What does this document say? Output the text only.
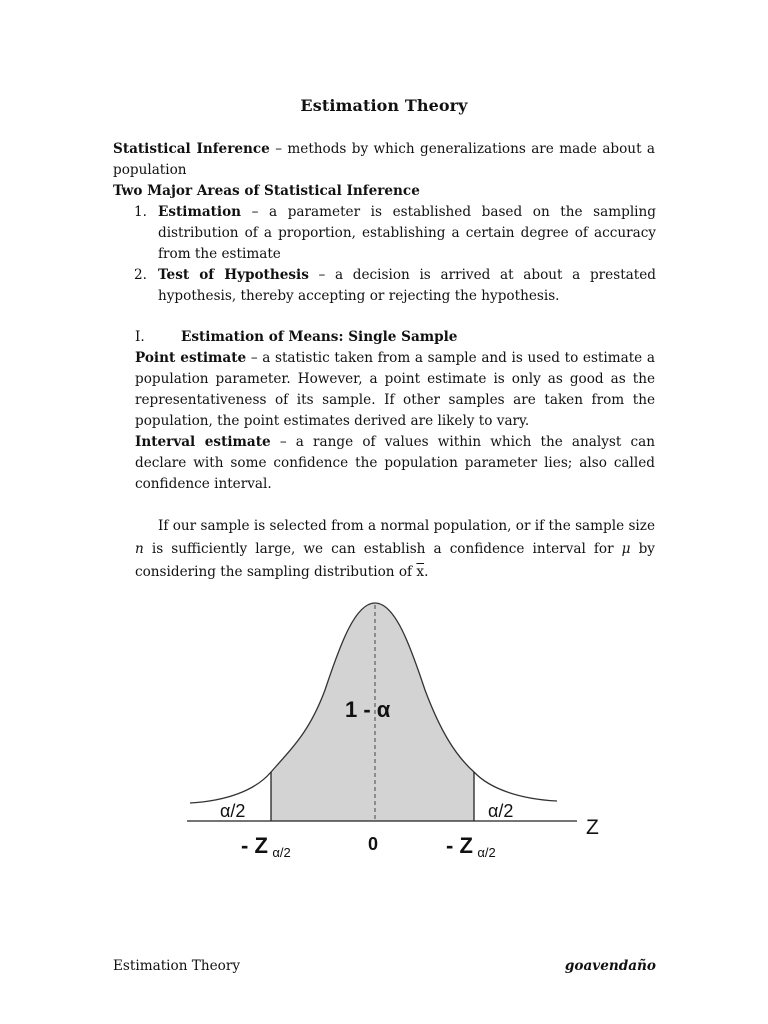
Estimation Theory
Statistical Inference – methods by which generalizations are made about a population
Two Major Areas of Statistical Inference
1. Estimation – a parameter is established based on the sampling distribution of a proportion, establishing a certain degree of accuracy from the estimate
2. Test of Hypothesis – a decision is arrived at about a prestated hypothesis, thereby accepting or rejecting the hypothesis.
I.	Estimation of Means: Single Sample
Point estimate – a statistic taken from a sample and is used to estimate a population parameter. However, a point estimate is only as good as the representativeness of its sample. If other samples are taken from the population, the point estimates derived are likely to vary.
Interval estimate – a range of values within which the analyst can declare with some confidence the population parameter lies; also called confidence interval.
If our sample is selected from a normal population, or if the sample size n is sufficiently large, we can establish a confidence interval for μ by considering the sampling distribution of $\overline{x}$.
1 - α
α/2	α/2
Z
0
- Z $_{\alpha/2}$	- Z $_{\alpha/2}$
Estimation Theory	goavendaño
